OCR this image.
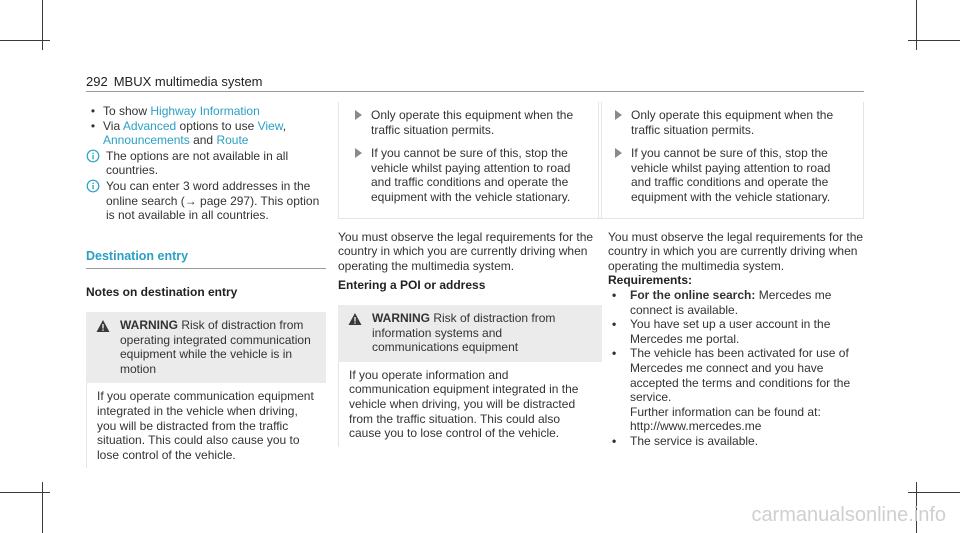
292 MBUX multimedia system
• To show Highway Information
• Via Advanced options to use View,
Announcements and Route
The options are not available in all countries.
You can enter 3 word addresses in the online search (→ page 297). This option is not available in all countries.
Destination entry
Notes on destination entry
WARNING Risk of distraction from operating integrated communication equipment while the vehicle is in motion
If you operate communication equipment integrated in the vehicle when driving, you will be distracted from the traffic situation. This could also cause you to lose control of the vehicle.
Only operate this equipment when the traffic situation permits.
If you cannot be sure of this, stop the vehicle whilst paying attention to road and traffic conditions and operate the equipment with the vehicle stationary.
You must observe the legal requirements for the country in which you are currently driving when operating the multimedia system.
Entering a POI or address
WARNING Risk of distraction from information systems and communications equipment
If you operate information and communication equipment integrated in the vehicle when driving, you will be distracted from the traffic situation. This could also cause you to lose control of the vehicle.
Only operate this equipment when the traffic situation permits.
If you cannot be sure of this, stop the vehicle whilst paying attention to road and traffic conditions and operate the equipment with the vehicle stationary.
You must observe the legal requirements for the country in which you are currently driving when operating the multimedia system.
Requirements:
•	For the online search: Mercedes me connect is available.
•	You have set up a user account in the Mercedes me portal.
•	The vehicle has been activated for use of Mercedes me connect and you have accepted the terms and conditions for the service.
Further information can be found at: http://www.mercedes.me
•	The service is available.
carmanualsonline.info
